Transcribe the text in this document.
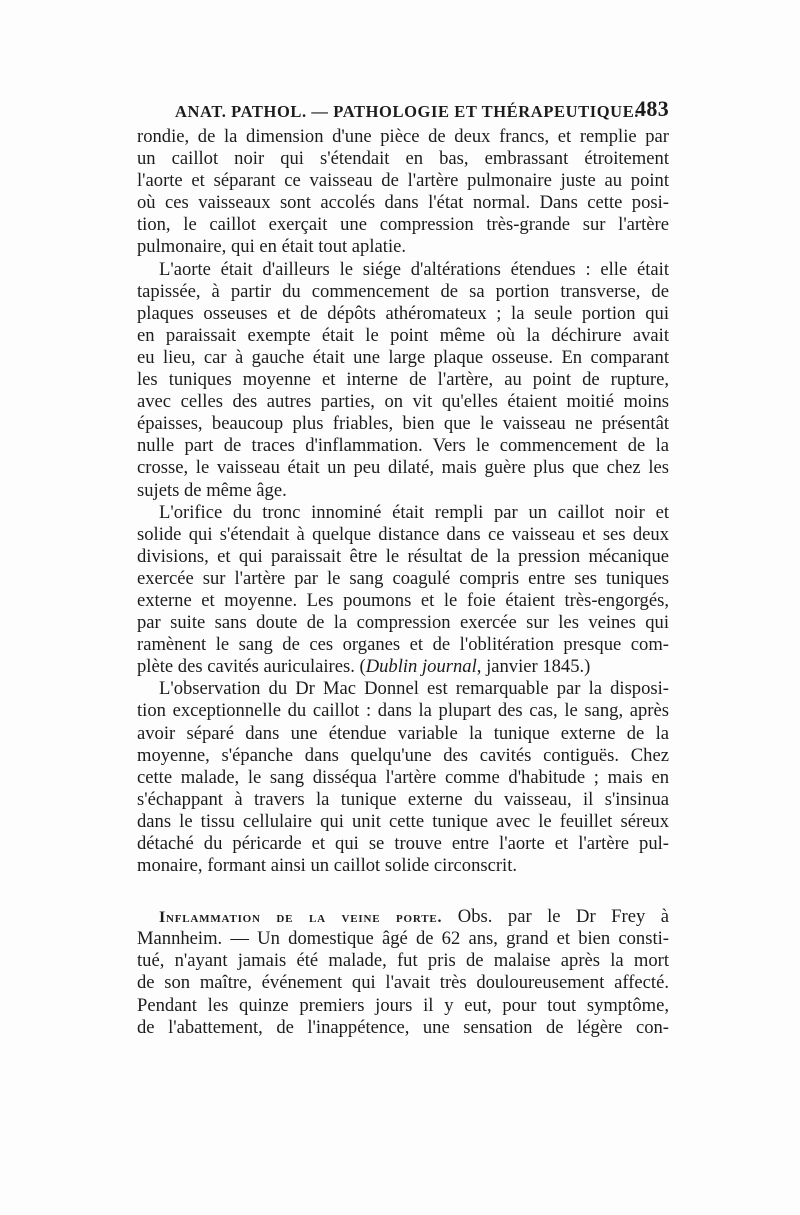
ANAT. PATHOL. — PATHOLOGIE ET THÉRAPEUTIQUE.
483
rondie, de la dimension d'une pièce de deux francs, et remplie par
un caillot noir qui s'étendait en bas, embrassant étroitement
l'aorte et séparant ce vaisseau de l'artère pulmonaire juste au point
où ces vaisseaux sont accolés dans l'état normal. Dans cette posi-
tion, le caillot exerçait une compression très-grande sur l'artère
pulmonaire, qui en était tout aplatie.
L'aorte était d'ailleurs le siége d'altérations étendues : elle était
tapissée, à partir du commencement de sa portion transverse, de
plaques osseuses et de dépôts athéromateux ; la seule portion qui
en paraissait exempte était le point même où la déchirure avait
eu lieu, car à gauche était une large plaque osseuse. En comparant
les tuniques moyenne et interne de l'artère, au point de rupture,
avec celles des autres parties, on vit qu'elles étaient moitié moins
épaisses, beaucoup plus friables, bien que le vaisseau ne présentât
nulle part de traces d'inflammation. Vers le commencement de la
crosse, le vaisseau était un peu dilaté, mais guère plus que chez les
sujets de même âge.
L'orifice du tronc innominé était rempli par un caillot noir et
solide qui s'étendait à quelque distance dans ce vaisseau et ses deux
divisions, et qui paraissait être le résultat de la pression mécanique
exercée sur l'artère par le sang coagulé compris entre ses tuniques
externe et moyenne. Les poumons et le foie étaient très-engorgés,
par suite sans doute de la compression exercée sur les veines qui
ramènent le sang de ces organes et de l'oblitération presque com-
plète des cavités auriculaires. (Dublin journal, janvier 1845.)
L'observation du Dr Mac Donnel est remarquable par la disposi-
tion exceptionnelle du caillot : dans la plupart des cas, le sang, après
avoir séparé dans une étendue variable la tunique externe de la
moyenne, s'épanche dans quelqu'une des cavités contiguës. Chez
cette malade, le sang disséqua l'artère comme d'habitude ; mais en
s'échappant à travers la tunique externe du vaisseau, il s'insinua
dans le tissu cellulaire qui unit cette tunique avec le feuillet séreux
détaché du péricarde et qui se trouve entre l'aorte et l'artère pul-
monaire, formant ainsi un caillot solide circonscrit.
Inflammation de la veine porte. Obs. par le Dr Frey à
Mannheim. — Un domestique âgé de 62 ans, grand et bien consti-
tué, n'ayant jamais été malade, fut pris de malaise après la mort
de son maître, événement qui l'avait très douloureusement affecté.
Pendant les quinze premiers jours il y eut, pour tout symptôme,
de l'abattement, de l'inappétence, une sensation de légère con-
